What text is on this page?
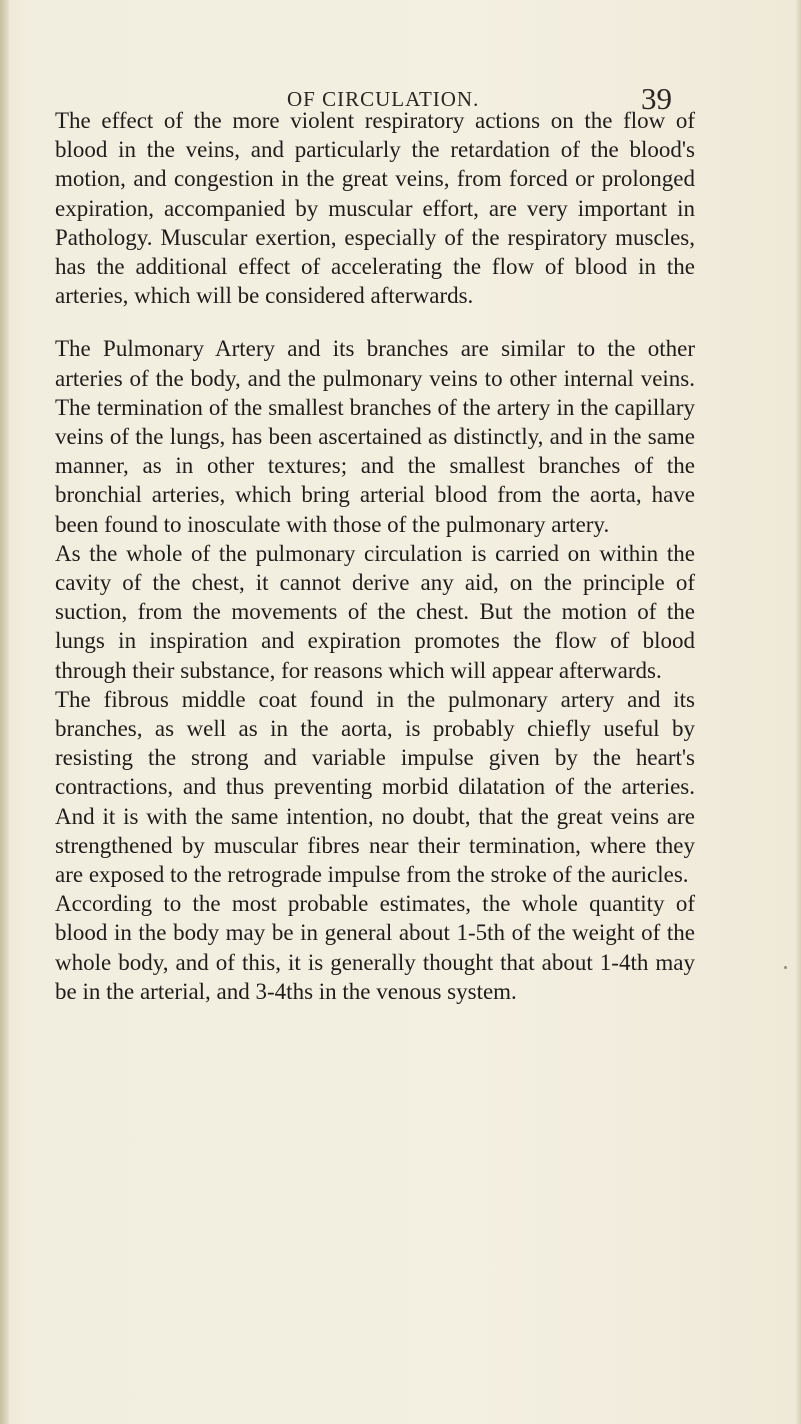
OF CIRCULATION.	39

The effect of the more violent respiratory actions on the flow of blood in the veins, and particularly the retardation of the blood's motion, and congestion in the great veins, from forced or prolonged expiration, accompanied by muscular effort, are very important in Pathology. Muscular exertion, especially of the respiratory muscles, has the additional effect of accelerating the flow of blood in the arteries, which will be considered afterwards.

The Pulmonary Artery and its branches are similar to the other arteries of the body, and the pulmonary veins to other internal veins. The termination of the smallest branches of the artery in the capillary veins of the lungs, has been ascertained as distinctly, and in the same manner, as in other textures; and the smallest branches of the bronchial arteries, which bring arterial blood from the aorta, have been found to inosculate with those of the pulmonary artery.

As the whole of the pulmonary circulation is carried on within the cavity of the chest, it cannot derive any aid, on the principle of suction, from the movements of the chest. But the motion of the lungs in inspiration and expiration promotes the flow of blood through their substance, for reasons which will appear afterwards.

The fibrous middle coat found in the pulmonary artery and its branches, as well as in the aorta, is probably chiefly useful by resisting the strong and variable impulse given by the heart's contractions, and thus preventing morbid dilatation of the arteries. And it is with the same intention, no doubt, that the great veins are strengthened by muscular fibres near their termination, where they are exposed to the retrograde impulse from the stroke of the auricles.

According to the most probable estimates, the whole quantity of blood in the body may be in general about 1-5th of the weight of the whole body, and of this, it is generally thought that about 1-4th may be in the arterial, and 3-4ths in the venous system.
